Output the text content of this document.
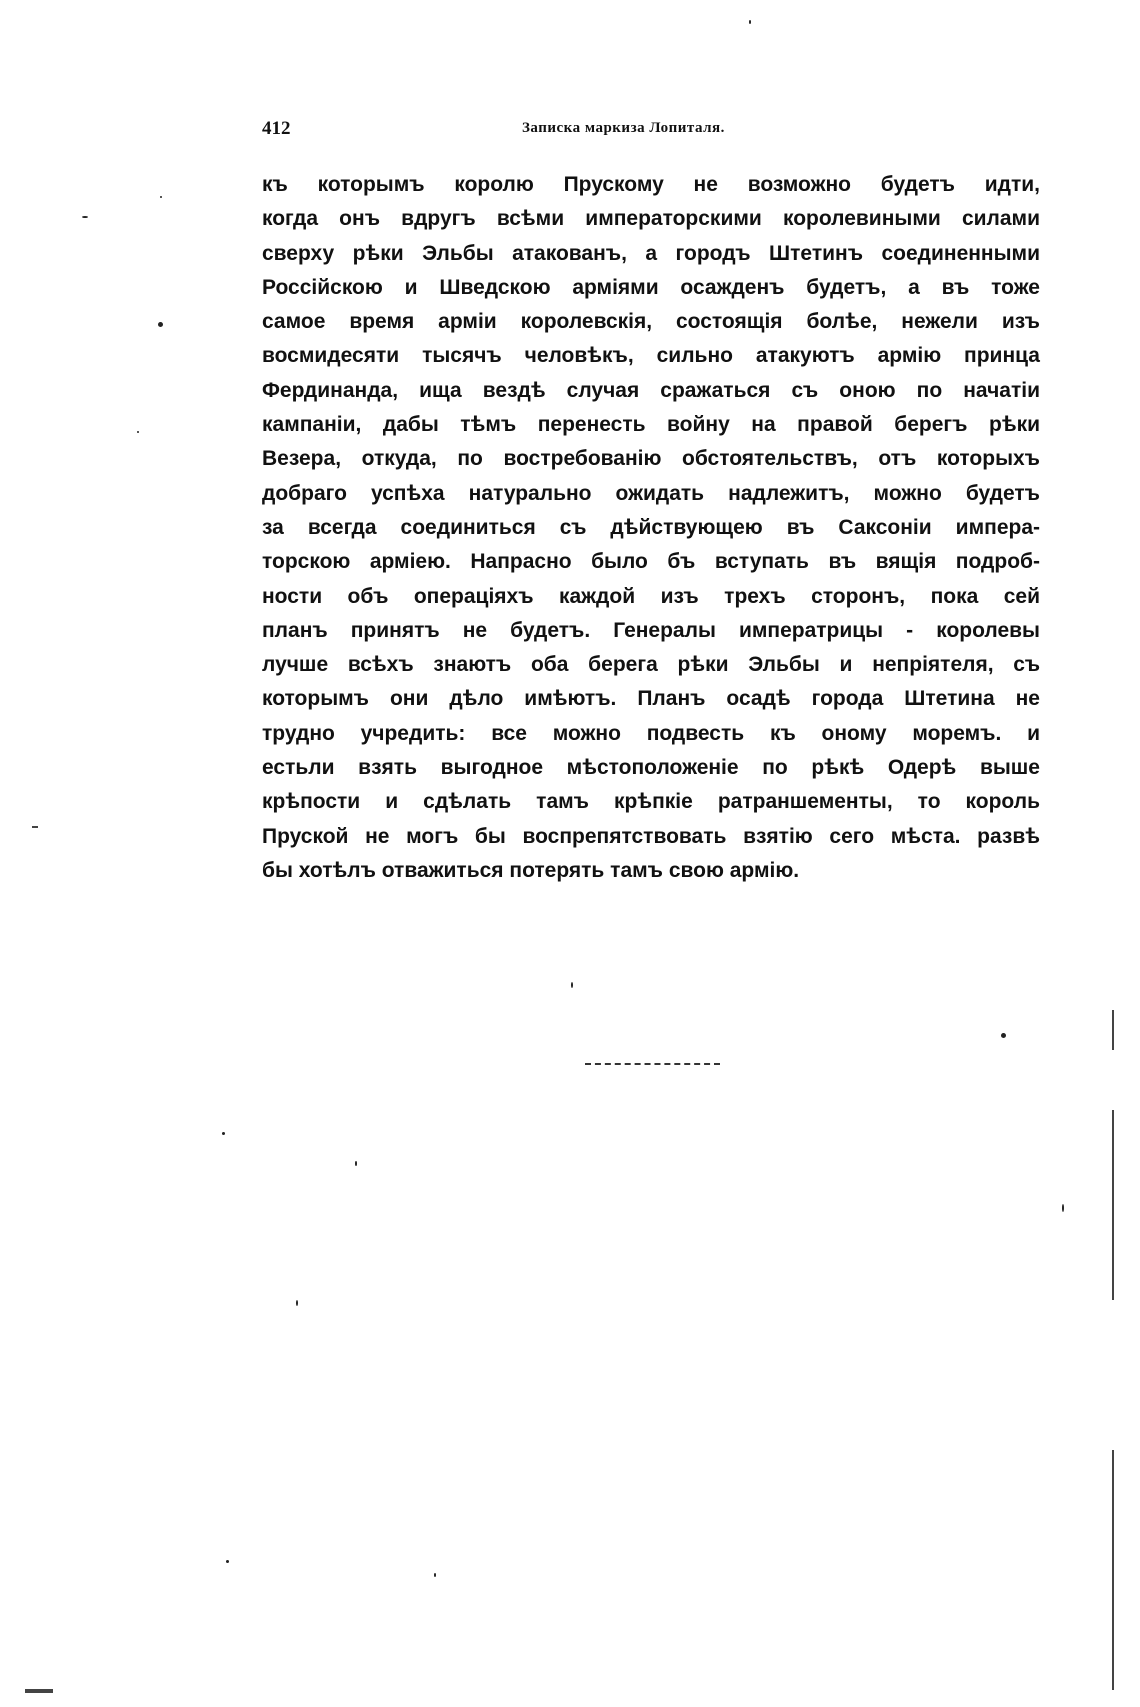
412	Записка маркиза Лопиталя.
къ которымъ королю Прускому не возможно будетъ идти,
когда онъ вдругъ всѣми императорскими королевиными силами
сверху рѣки Эльбы атакованъ, а городъ Штетинъ соединенными
Россійскою и Шведскою арміями осажденъ будетъ, а въ тоже
самое время арміи королевскія, состоящія болѣе, нежели изъ
восмидесяти тысячъ человѣкъ, сильно атакуютъ армію принца
Фердинанда, ища вездѣ случая сражаться съ оною по начатіи
кампаніи, дабы тѣмъ перенесть войну на правой берегъ рѣки
Везера, откуда, по востребованію обстоятельствъ, отъ которыхъ
добраго успѣха натурально ожидать надлежитъ, можно будетъ
за всегда соединиться съ дѣйствующею въ Саксоніи импера-
торскою арміею. Напрасно было бъ вступать въ вящія подроб-
ности объ операціяхъ каждой изъ трехъ сторонъ, пока сей
планъ принятъ не будетъ. Генералы императрицы - королевы
лучше всѣхъ знаютъ оба берега рѣки Эльбы и непріятеля, съ
которымъ они дѣло имѣютъ. Планъ осадѣ города Штетина не
трудно учредить: все можно подвесть къ оному моремъ. и
естьли взять выгодное мѣстоположеніе по рѣкѣ Одерѣ выше
крѣпости и сдѣлать тамъ крѣпкіе ратраншементы, то король
Пруской не могъ бы воспрепятствовать взятію сего мѣста. развѣ
бы хотѣлъ отважиться потерять тамъ свою армію.
